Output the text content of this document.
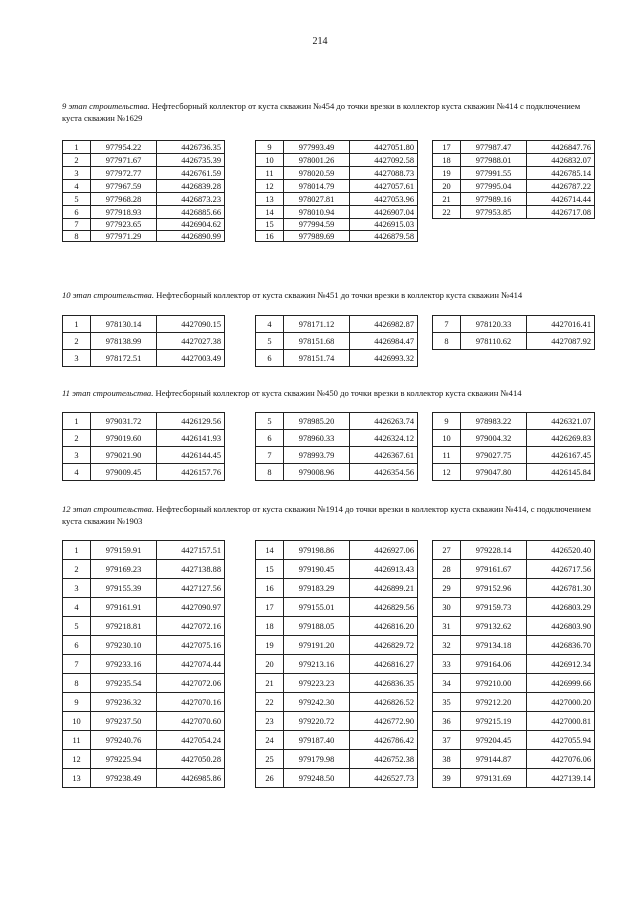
214
9 этап строительства. Нефтесборный коллектор от куста скважин №454 до точки врезки в коллектор куста скважин №414 с подключением куста скважин №1629
1	977954.22	4426736.35
2	977971.67	4426735.39
3	977972.77	4426761.59
4	977967.59	4426839.28
5	977968.28	4426873.23
6	977918.93	4426885.66
7	977923.65	4426904.62
8	977971.29	4426890.99
9	977993.49	4427051.80
10	978001.26	4427092.58
11	978020.59	4427088.73
12	978014.79	4427057.61
13	978027.81	4427053.96
14	978010.94	4426907.04
15	977994.59	4426915.03
16	977989.69	4426879.58
17	977987.47	4426847.76
18	977988.01	4426832.07
19	977991.55	4426785.14
20	977995.04	4426787.22
21	977989.16	4426714.44
22	977953.85	4426717.08
10 этап строительства. Нефтесборный коллектор от куста скважин №451 до точки врезки в коллектор куста скважин №414
1	978130.14	4427090.15
2	978138.99	4427027.38
3	978172.51	4427003.49
4	978171.12	4426982.87
5	978151.68	4426984.47
6	978151.74	4426993.32
7	978120.33	4427016.41
8	978110.62	4427087.92
11 этап строительства. Нефтесборный коллектор от куста скважин №450 до точки врезки в коллектор куста скважин №414
1	979031.72	4426129.56
2	979019.60	4426141.93
3	979021.90	4426144.45
4	979009.45	4426157.76
5	978985.20	4426263.74
6	978960.33	4426324.12
7	978993.79	4426367.61
8	979008.96	4426354.56
9	978983.22	4426321.07
10	979004.32	4426269.83
11	979027.75	4426167.45
12	979047.80	4426145.84
12 этап строительства. Нефтесборный коллектор от куста скважин №1914 до точки врезки в коллектор куста скважин №414, с подключением куста скважин №1903
1	979159.91	4427157.51
2	979169.23	4427138.88
3	979155.39	4427127.56
4	979161.91	4427090.97
5	979218.81	4427072.16
6	979230.10	4427075.16
7	979233.16	4427074.44
8	979235.54	4427072.06
9	979236.32	4427070.16
10	979237.50	4427070.60
11	979240.76	4427054.24
12	979225.94	4427050.28
13	979238.49	4426985.86
14	979198.86	4426927.06
15	979190.45	4426913.43
16	979183.29	4426899.21
17	979155.01	4426829.56
18	979188.05	4426816.20
19	979191.20	4426829.72
20	979213.16	4426816.27
21	979223.23	4426836.35
22	979242.30	4426826.52
23	979220.72	4426772.90
24	979187.40	4426786.42
25	979179.98	4426752.38
26	979248.50	4426527.73
27	979228.14	4426520.40
28	979161.67	4426717.56
29	979152.96	4426781.30
30	979159.73	4426803.29
31	979132.62	4426803.90
32	979134.18	4426836.70
33	979164.06	4426912.34
34	979210.00	4426999.66
35	979212.20	4427000.20
36	979215.19	4427000.81
37	979204.45	4427055.94
38	979144.87	4427076.06
39	979131.69	4427139.14
